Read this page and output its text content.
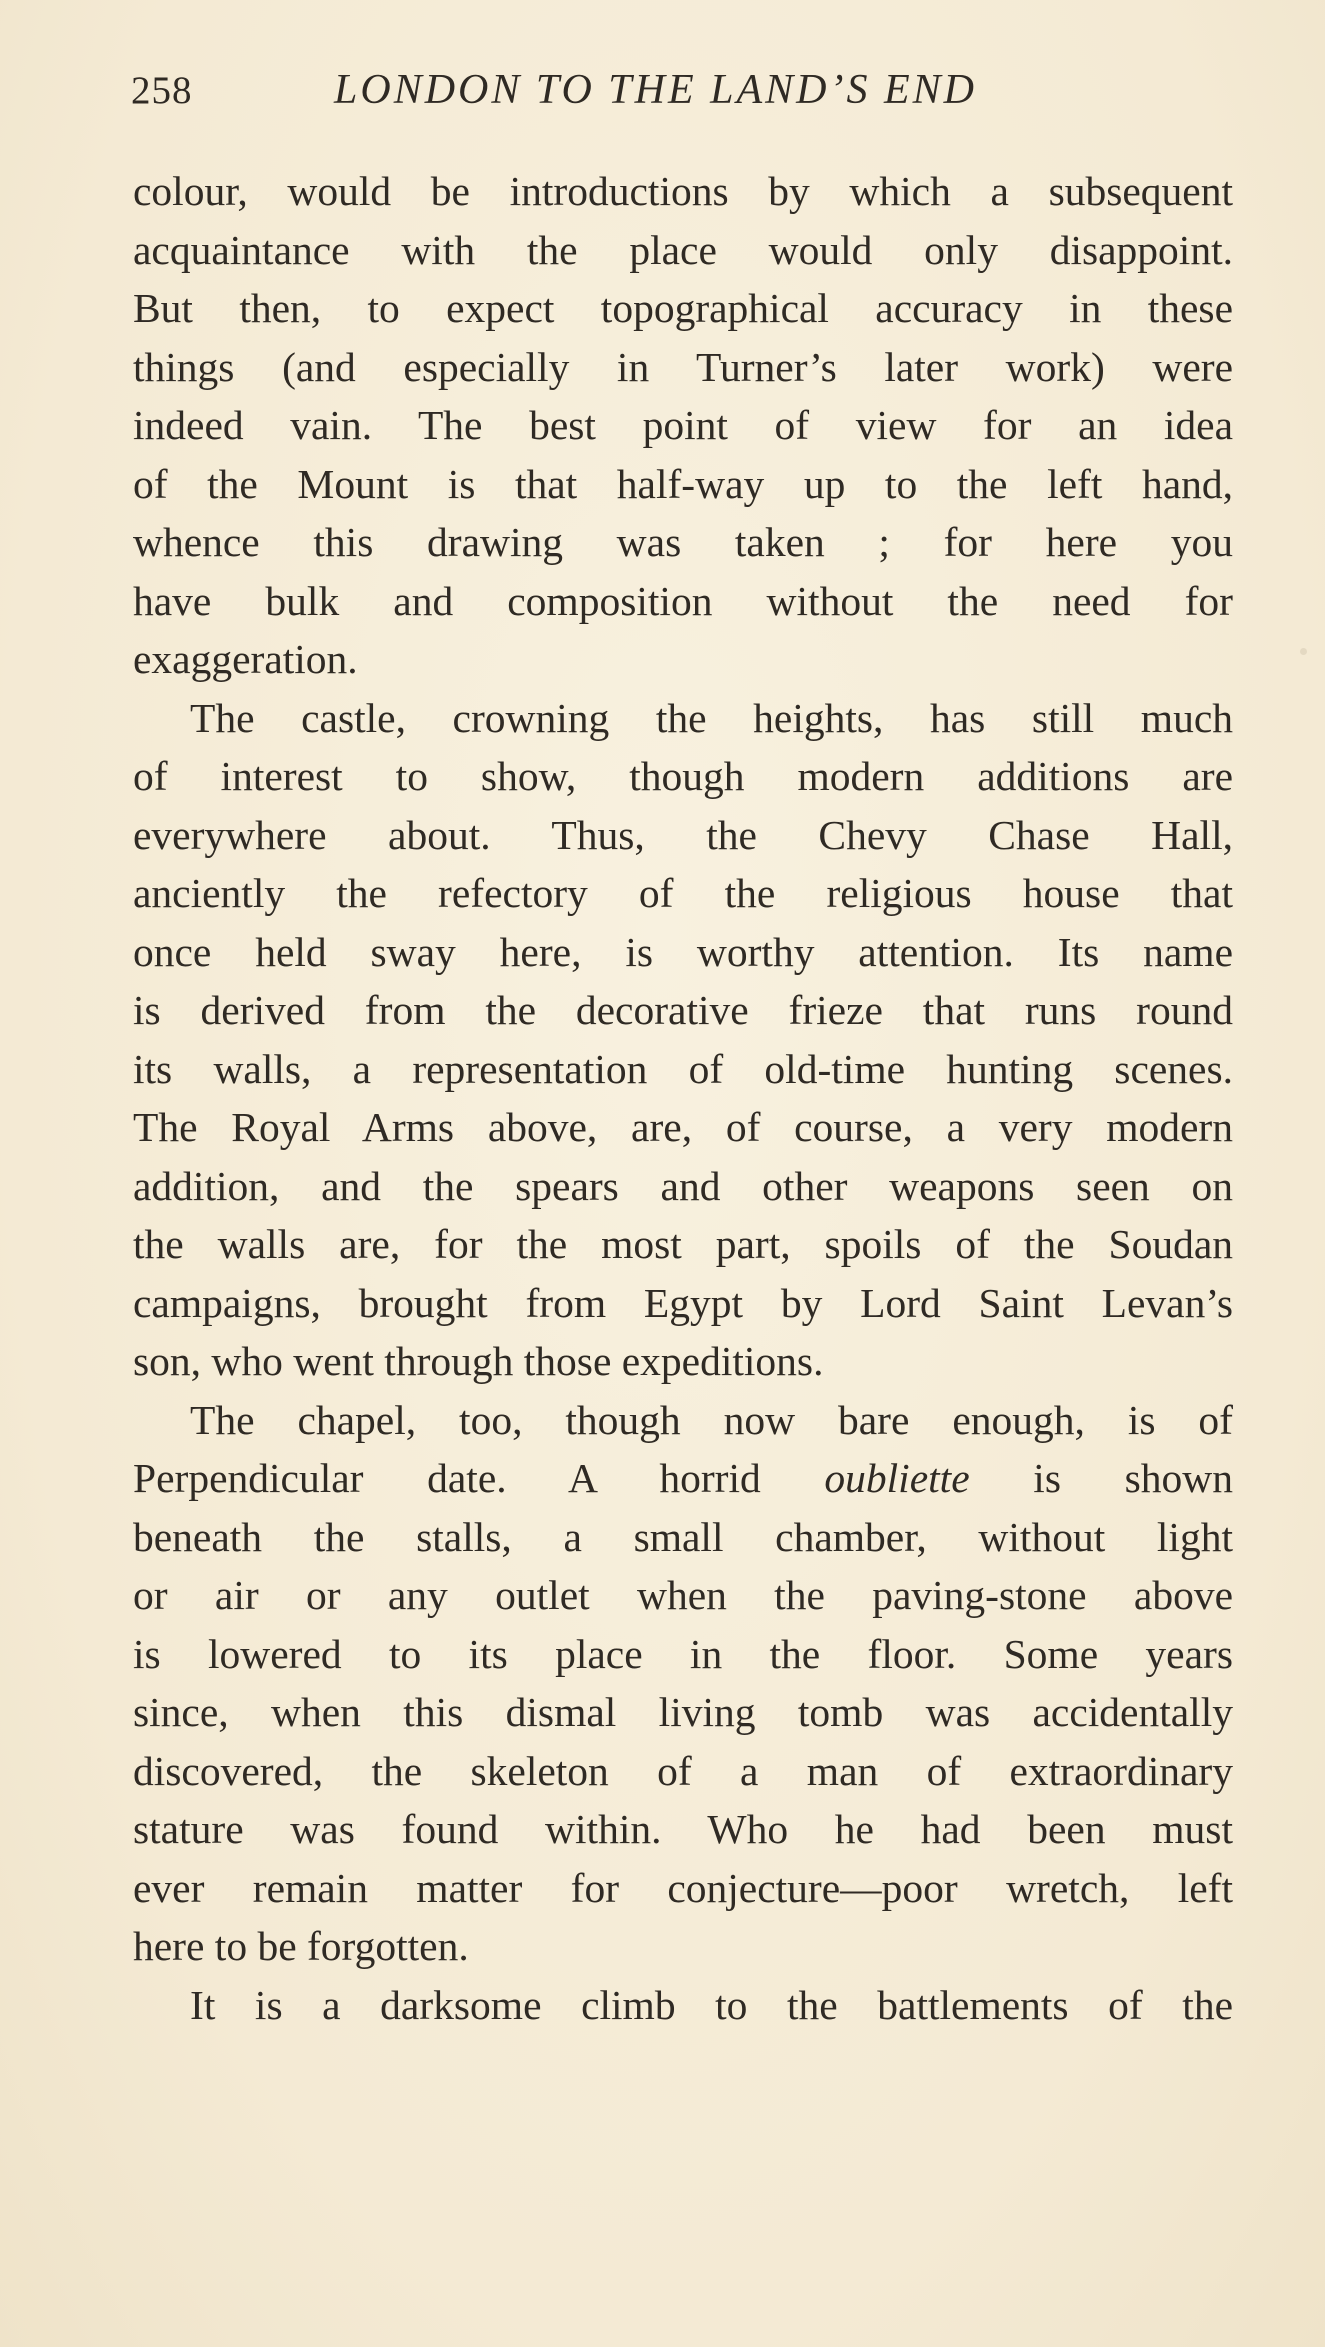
258	LONDON TO THE LAND’S END
colour, would be introductions by which a subsequent
acquaintance with the place would only disappoint.
But then, to expect topographical accuracy in these
things (and especially in Turner’s later work) were
indeed vain. The best point of view for an idea
of the Mount is that half-way up to the left hand,
whence this drawing was taken ; for here you
have bulk and composition without the need for
exaggeration.
The castle, crowning the heights, has still much
of interest to show, though modern additions are
everywhere about. Thus, the Chevy Chase Hall,
anciently the refectory of the religious house that
once held sway here, is worthy attention. Its name
is derived from the decorative frieze that runs round
its walls, a representation of old-time hunting scenes.
The Royal Arms above, are, of course, a very modern
addition, and the spears and other weapons seen on
the walls are, for the most part, spoils of the Soudan
campaigns, brought from Egypt by Lord Saint Levan’s
son, who went through those expeditions.
The chapel, too, though now bare enough, is of
Perpendicular date. A horrid oubliette is shown
beneath the stalls, a small chamber, without light
or air or any outlet when the paving-stone above
is lowered to its place in the floor. Some years
since, when this dismal living tomb was accidentally
discovered, the skeleton of a man of extraordinary
stature was found within. Who he had been must
ever remain matter for conjecture—poor wretch, left
here to be forgotten.
It is a darksome climb to the battlements of the
